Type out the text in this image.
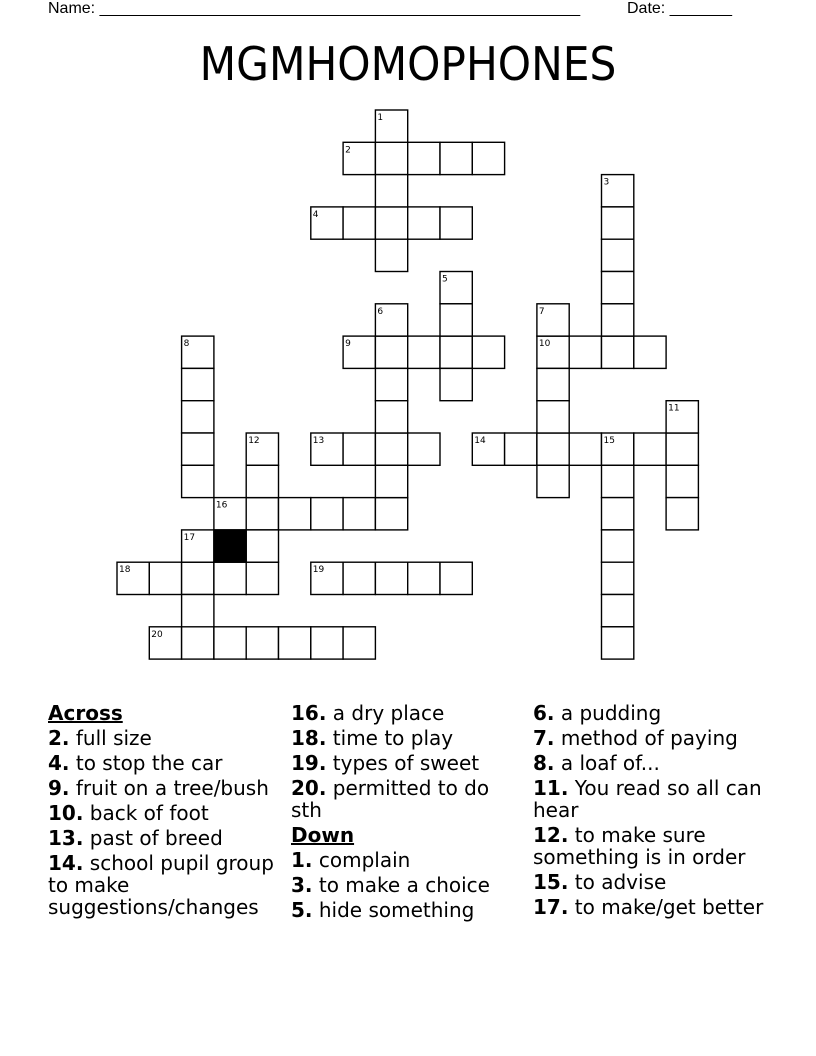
Name: ______________________________________________________	Date: _______
MGMHOMOPHONES
1
2
3
4
5
6	7
8	9	10
11
12	13	14	15
16
17
18	19
20
Across
2. full size
4. to stop the car
9. fruit on a tree/bush
10. back of foot
13. past of breed
14. school pupil group to make suggestions/changes
16. a dry place
18. time to play
19. types of sweet
20. permitted to do sth
Down
1. complain
3. to make a choice
5. hide something
6. a pudding
7. method of paying
8. a loaf of...
11. You read so all can hear
12. to make sure something is in order
15. to advise
17. to make/get better
